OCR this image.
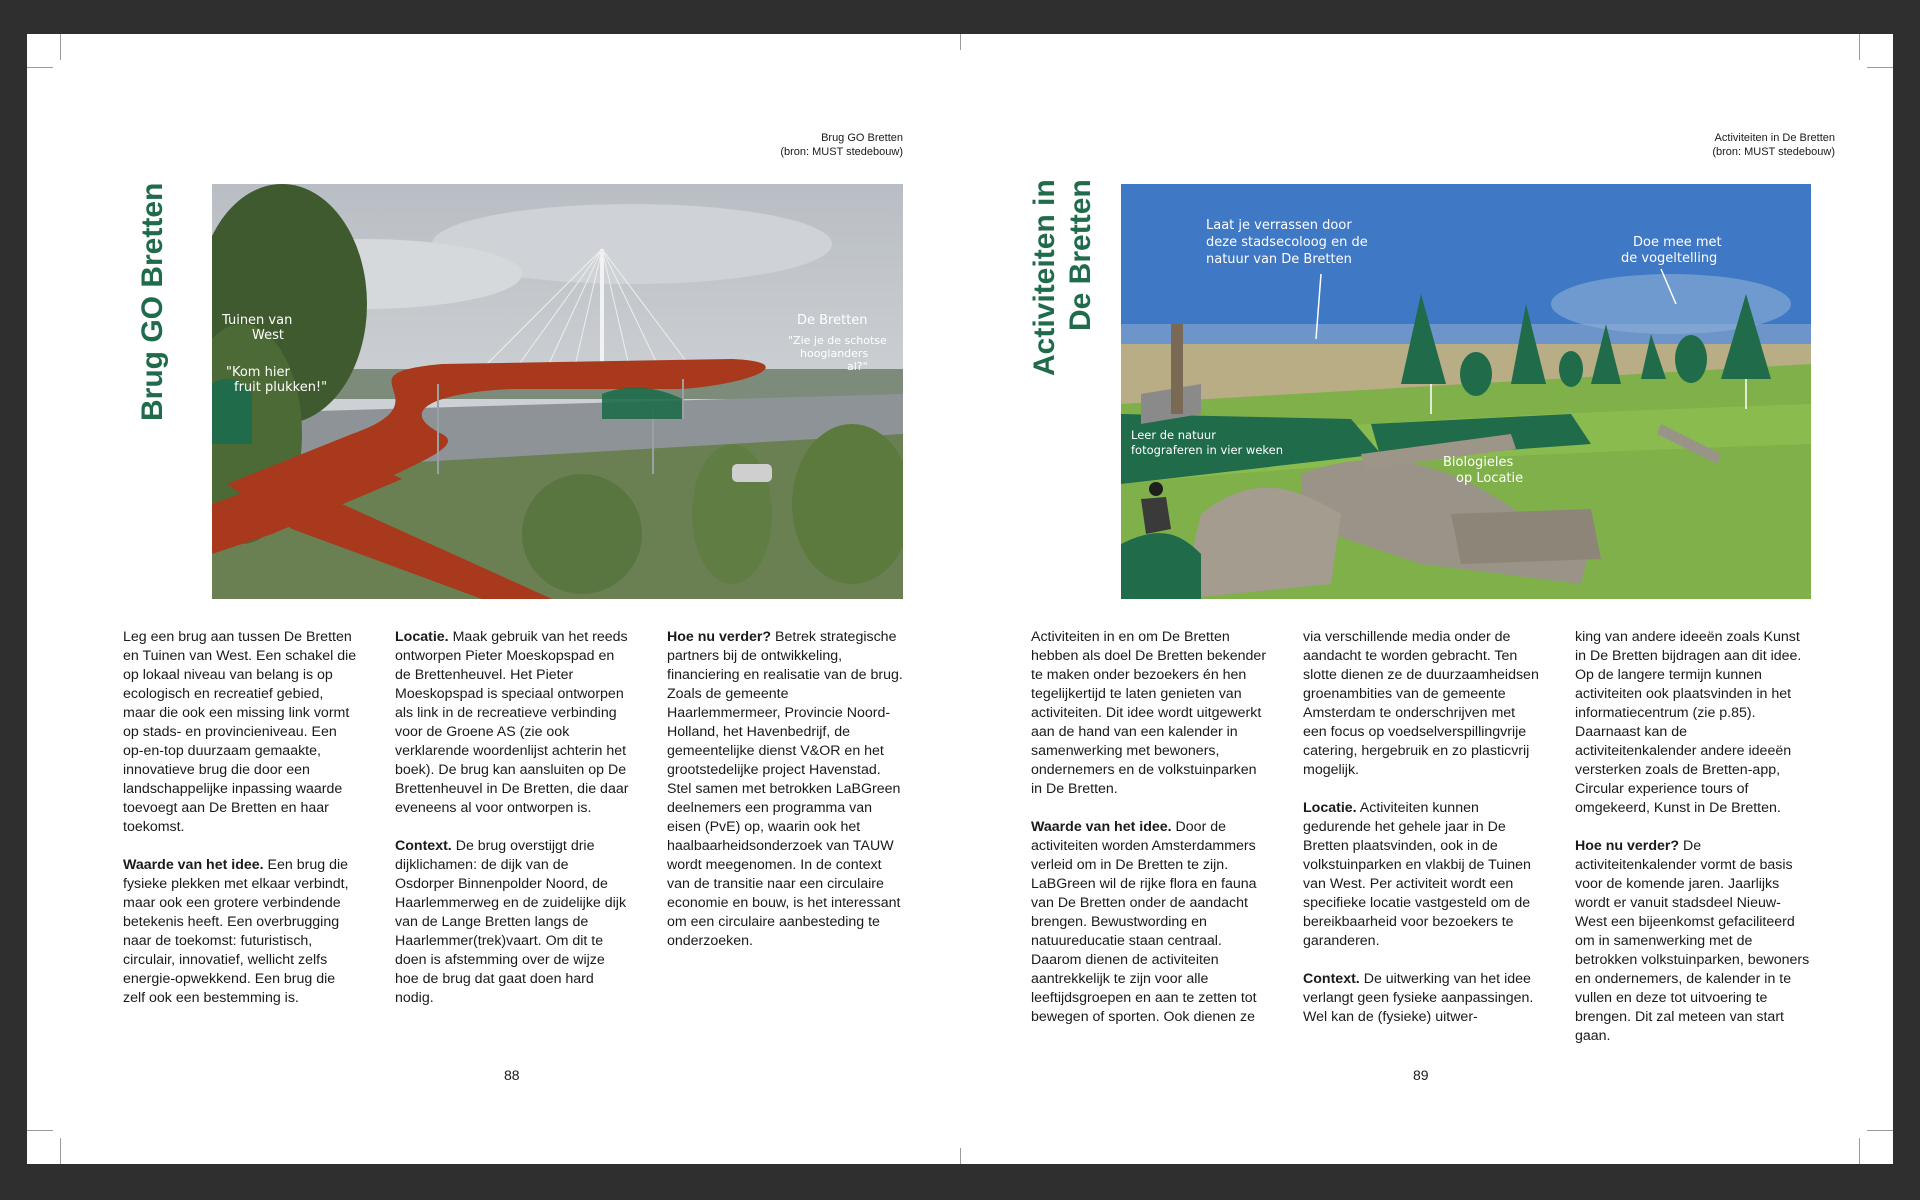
Brug GO Bretten
(bron: MUST stedebouw)
Brug GO Bretten	Tuinen van
West
"Kom hier
fruit plukken!"
De Bretten
"Zie je de schotse
hooglanders
al?"

Leg een brug aan tussen De Bretten en Tuinen van West. Een schakel die op lokaal niveau van belang is op ecologisch en recreatief gebied, maar die ook een missing link vormt op stads- en provincieniveau. Een op-en-top duurzaam gemaakte, innovatieve brug die door een landschappelijke inpassing waarde toevoegt aan De Bretten en haar toekomst.

Waarde van het idee. Een brug die fysieke plekken met elkaar verbindt, maar ook een grotere verbindende betekenis heeft. Een overbrugging naar de toekomst: futuristisch, circulair, innovatief, wellicht zelfs energie-opwekkend. Een brug die zelf ook een bestemming is.

Locatie. Maak gebruik van het reeds ontworpen Pieter Moeskopspad en de Brettenheuvel. Het Pieter Moeskopspad is speciaal ontworpen als link in de recreatieve verbinding voor de Groene AS (zie ook verklarende woordenlijst achterin het boek). De brug kan aansluiten op De Brettenheuvel in De Bretten, die daar eveneens al voor ontworpen is.

Context. De brug overstijgt drie dijklichamen: de dijk van de Osdorper Binnenpolder Noord, de Haarlemmerweg en de zuidelijke dijk van de Lange Bretten langs de Haarlemmer(trek)vaart. Om dit te doen is afstemming over de wijze hoe de brug dat gaat doen hard nodig.

Hoe nu verder? Betrek strategische partners bij de ontwikkeling, financiering en realisatie van de brug. Zoals de gemeente Haarlemmermeer, Provincie Noord-Holland, het Havenbedrijf, de gemeentelijke dienst V&OR en het grootstedelijke project Havenstad. Stel samen met betrokken LaBGreen deelnemers een programma van eisen (PvE) op, waarin ook het haalbaarheidsonderzoek van TAUW wordt meegenomen. In de context van de transitie naar een circulaire economie en bouw, is het interessant om een circulaire aanbesteding te onderzoeken.

88
Activiteiten in De Bretten
(bron: MUST stedebouw)
Activiteiten in De Bretten	Laat je verrassen door
deze stadsecoloog en de
natuur van De Bretten
Doe mee met
de vogeltelling
Leer de natuur
fotograferen in vier weken
Biologieles
op Locatie

Activiteiten in en om De Bretten hebben als doel De Bretten bekender te maken onder bezoekers én hen tegelijkertijd te laten genieten van activiteiten. Dit idee wordt uitgewerkt aan de hand van een kalender in samenwerking met bewoners, ondernemers en de volkstuinparken in De Bretten.

Waarde van het idee. Door de activiteiten worden Amsterdammers verleid om in De Bretten te zijn. LaBGreen wil de rijke flora en fauna van De Bretten onder de aandacht brengen. Bewustwording en natuureducatie staan centraal. Daarom dienen de activiteiten aantrekkelijk te zijn voor alle leeftijdsgroepen en aan te zetten tot bewegen of sporten. Ook dienen ze

via verschillende media onder de aandacht te worden gebracht. Ten slotte dienen ze de duurzaamheidsen groenambities van de gemeente Amsterdam te onderschrijven met een focus op voedselverspillingvrije catering, hergebruik en zo plasticvrij mogelijk.

Locatie. Activiteiten kunnen gedurende het gehele jaar in De Bretten plaatsvinden, ook in de volkstuinparken en vlakbij de Tuinen van West. Per activiteit wordt een specifieke locatie vastgesteld om de bereikbaarheid voor bezoekers te garanderen.

Context. De uitwerking van het idee verlangt geen fysieke aanpassingen. Wel kan de (fysieke) uitwer-

king van andere ideeën zoals Kunst in De Bretten bijdragen aan dit idee. Op de langere termijn kunnen activiteiten ook plaatsvinden in het informatiecentrum (zie p.85). Daarnaast kan de activiteitenkalender andere ideeën versterken zoals de Bretten-app, Circular experience tours of omgekeerd, Kunst in De Bretten.

Hoe nu verder? De activiteitenkalender vormt de basis voor de komende jaren. Jaarlijks wordt er vanuit stadsdeel Nieuw-West een bijeenkomst gefaciliteerd om in samenwerking met de betrokken volkstuinparken, bewoners en ondernemers, de kalender in te vullen en deze tot uitvoering te brengen. Dit zal meteen van start gaan.

89
